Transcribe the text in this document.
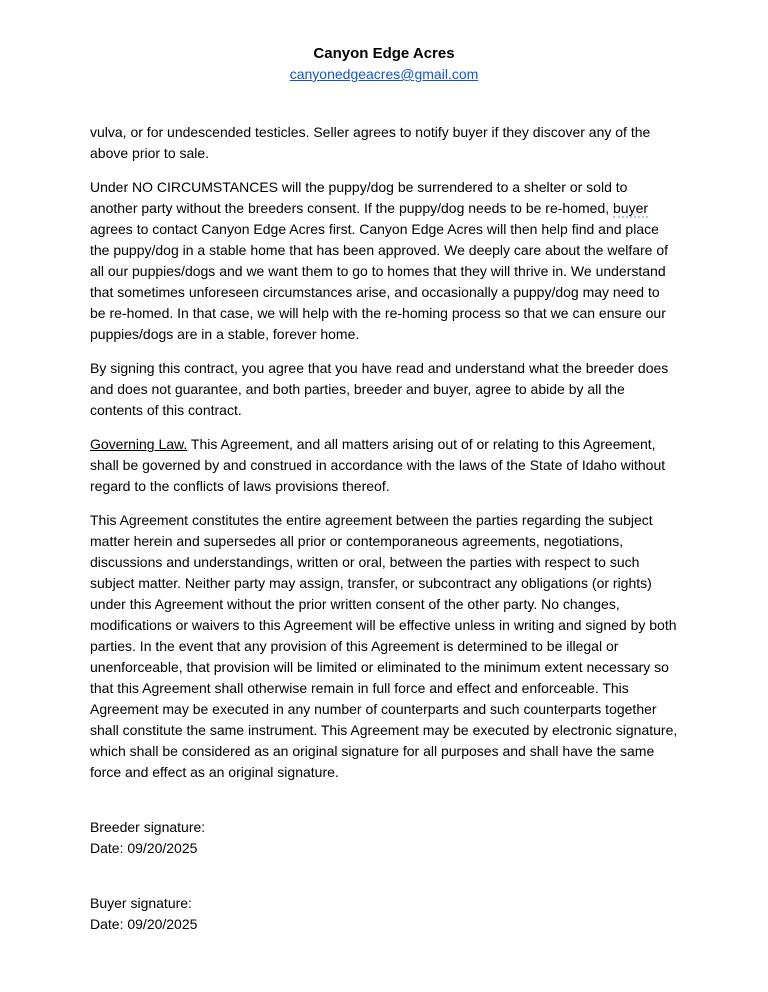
Canyon Edge Acres
canyonedgeacres@gmail.com

vulva, or for undescended testicles. Seller agrees to notify buyer if they discover any of the above prior to sale.

Under NO CIRCUMSTANCES will the puppy/dog be surrendered to a shelter or sold to another party without the breeders consent. If the puppy/dog needs to be re-homed, buyer agrees to contact Canyon Edge Acres first. Canyon Edge Acres will then help find and place the puppy/dog in a stable home that has been approved. We deeply care about the welfare of all our puppies/dogs and we want them to go to homes that they will thrive in. We understand that sometimes unforeseen circumstances arise, and occasionally a puppy/dog may need to be re-homed. In that case, we will help with the re-homing process so that we can ensure our puppies/dogs are in a stable, forever home.

By signing this contract, you agree that you have read and understand what the breeder does and does not guarantee, and both parties, breeder and buyer, agree to abide by all the contents of this contract.

Governing Law. This Agreement, and all matters arising out of or relating to this Agreement, shall be governed by and construed in accordance with the laws of the State of Idaho without regard to the conflicts of laws provisions thereof.

This Agreement constitutes the entire agreement between the parties regarding the subject matter herein and supersedes all prior or contemporaneous agreements, negotiations, discussions and understandings, written or oral, between the parties with respect to such subject matter. Neither party may assign, transfer, or subcontract any obligations (or rights) under this Agreement without the prior written consent of the other party. No changes, modifications or waivers to this Agreement will be effective unless in writing and signed by both parties. In the event that any provision of this Agreement is determined to be illegal or unenforceable, that provision will be limited or eliminated to the minimum extent necessary so that this Agreement shall otherwise remain in full force and effect and enforceable. This Agreement may be executed in any number of counterparts and such counterparts together shall constitute the same instrument. This Agreement may be executed by electronic signature, which shall be considered as an original signature for all purposes and shall have the same force and effect as an original signature.

Breeder signature:
Date: 09/20/2025
Buyer signature:
Date: 09/20/2025
